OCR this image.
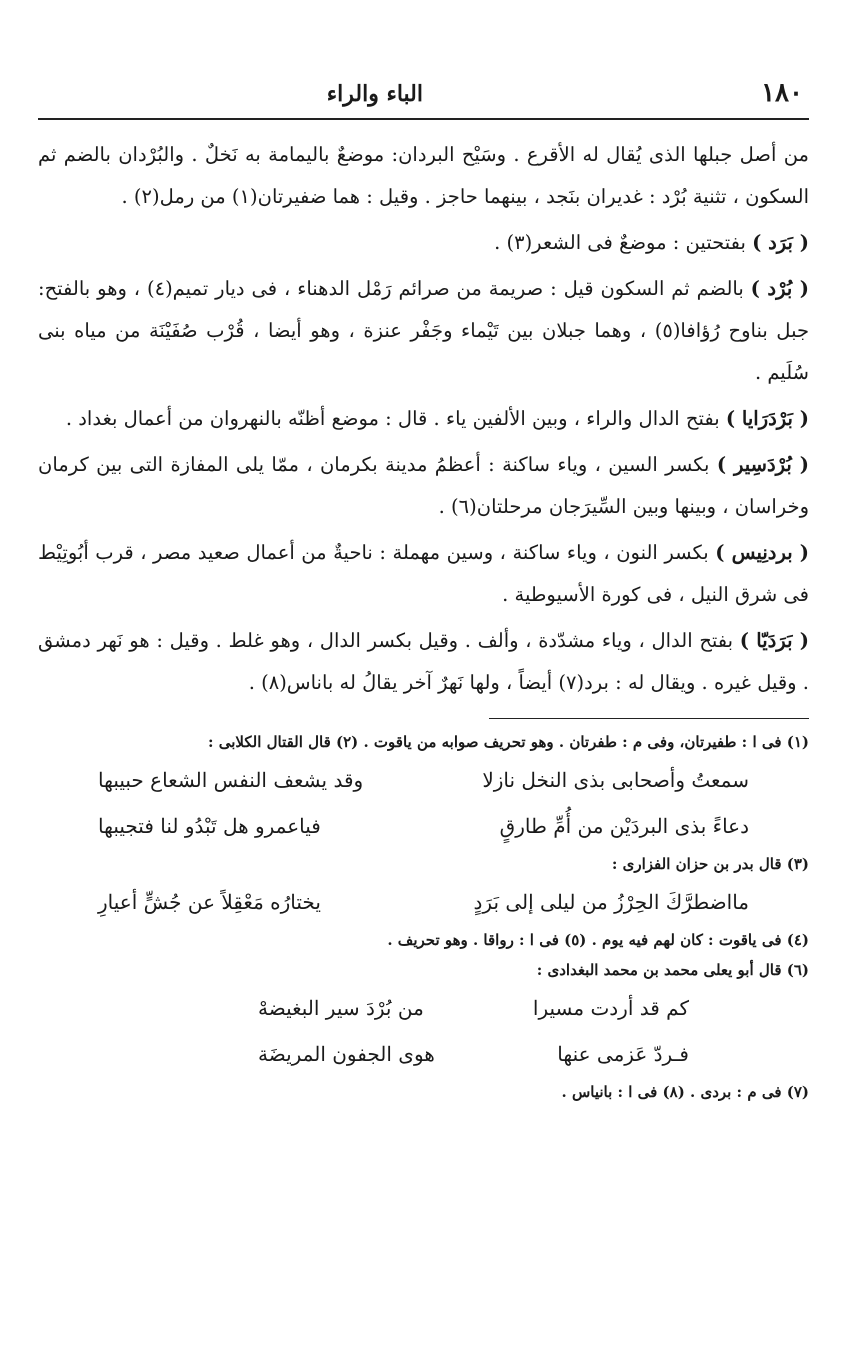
١٨٠
الباء والراء

من أصل جبلها الذى يُقال له الأقرع . وسَيْح البردان: موضعٌ باليمامة به نَخلٌ . والبُرْدان بالضم ثم السكون ، تثنية بُرْد : غديران بنَجد ، بينهما حاجز . وقيل : هما ضفيرتان(١) من رمل(٢) .

( بَرَد ) بفتحتين : موضعٌ فى الشعر(٣) .

( بُرْد ) بالضم ثم السكون قيل : صريمة من صرائم رَمْل الدهناء ، فى ديار تميم(٤) ، وهو بالفتح: جبل بناوح رُؤافا(٥) ، وهما جبلان بين تَيْماء وجَفْر عنزة ، وهو أيضا ، قُرْب صُفَيْنَة من مياه بنى سُلَيم .

( بَرْدَرَايا ) بفتح الدال والراء ، وبين الألفين ياء . قال : موضع أظنّه بالنهروان من أعمال بغداد .

( بُرْدَسِير ) بكسر السين ، وياء ساكنة : أعظمُ مدينة بكرمان ، ممّا يلى المفازة التى بين كرمان وخراسان ، وبينها وبين السِّيرَجان مرحلتان(٦) .

( بردنِيس ) بكسر النون ، وياء ساكنة ، وسين مهملة : ناحيةٌ من أعمال صعيد مصر ، قرب أبُوتِيْط فى شرق النيل ، فى كورة الأسيوطية .

( بَرَدَيّا ) بفتح الدال ، وياء مشدّدة ، وألف . وقيل بكسر الدال ، وهو غلط . وقيل : هو نَهر دمشق . وقيل غيره . ويقال له : برد(٧) أيضاً ، ولها نَهرٌ آخر يقالُ له باناس(٨) .

(١) فى ا : طفيرتان، وفى م : طفرتان . وهو تحريف صوابه من ياقوت . (٢) قال القتال الكلابى :

سمعتُ وأصحابى بذى النخل نازلا
وقد يشعف النفس الشعاع حبيبها
دعاءً بذى البردَيْن من أُمِّ طارقٍ
فياعمرو هل تَبْدُو لنا فتجيبها

(٣) قال بدر بن حزان الفزارى :

مااضطرَّكَ الحِرْزُ من ليلى إلى بَرَدٍ
يختارُه مَعْقِلاً عن جُشٍّ أعيارِ

(٤) فى ياقوت : كان لهم فيه يوم . (٥) فى ا : رواقا . وهو تحريف .

(٦) قال أبو يعلى محمد بن محمد البغدادى :

كم قد أردت مسيرا
من بُرْدَ سير البغيضهْ
فـردّ عَزمى عنها
هوى الجفون المريضَة

(٧) فى م : بردى . (٨) فى ا : بانياس .
